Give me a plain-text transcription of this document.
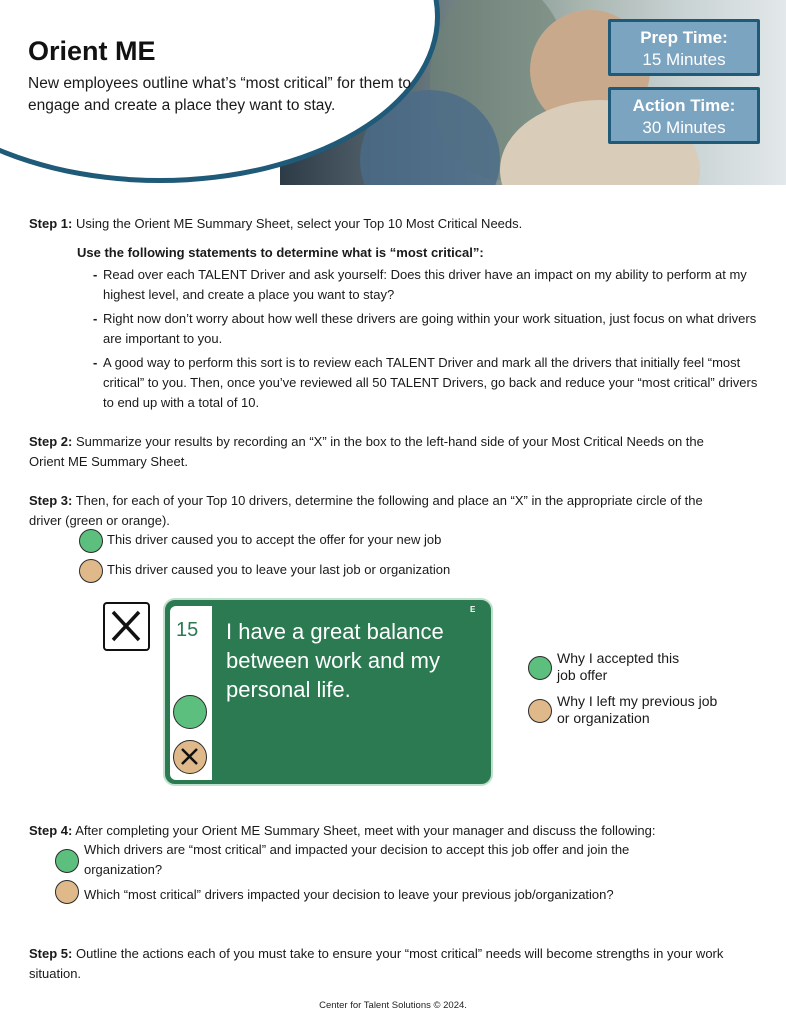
Orient ME
New employees outline what’s “most critical” for them to engage and create a place they want to stay.
Prep Time:
15 Minutes
Action Time:
30 Minutes
Step 1: Using the Orient ME Summary Sheet, select your Top 10 Most Critical Needs.
Use the following statements to determine what is “most critical”:
- Read over each TALENT Driver and ask yourself: Does this driver have an impact on my ability to perform at my highest level, and create a place you want to stay?
- Right now don’t worry about how well these drivers are going within your work situation, just focus on what drivers are important to you.
- A good way to perform this sort is to review each TALENT Driver and mark all the drivers that initially feel “most critical” to you. Then, once you’ve reviewed all 50 TALENT Drivers, go back and reduce your “most critical” drivers to end up with a total of 10.
Step 2: Summarize your results by recording an “X” in the box to the left-hand side of your Most Critical Needs on the Orient ME Summary Sheet.
Step 3: Then, for each of your Top 10 drivers, determine the following and place an “X” in the appropriate circle of the driver (green or orange).
This driver caused you to accept the offer for your new job
This driver caused you to leave your last job or organization
15 I have a great balance between work and my personal life.
E
Why I accepted this job offer
Why I left my previous job or organization
Step 4: After completing your Orient ME Summary Sheet, meet with your manager and discuss the following:
Which drivers are “most critical” and impacted your decision to accept this job offer and join the organization?
Which “most critical” drivers impacted your decision to leave your previous job/organization?
Step 5: Outline the actions each of you must take to ensure your “most critical” needs will become strengths in your work situation.
Center for Talent Solutions © 2024.
